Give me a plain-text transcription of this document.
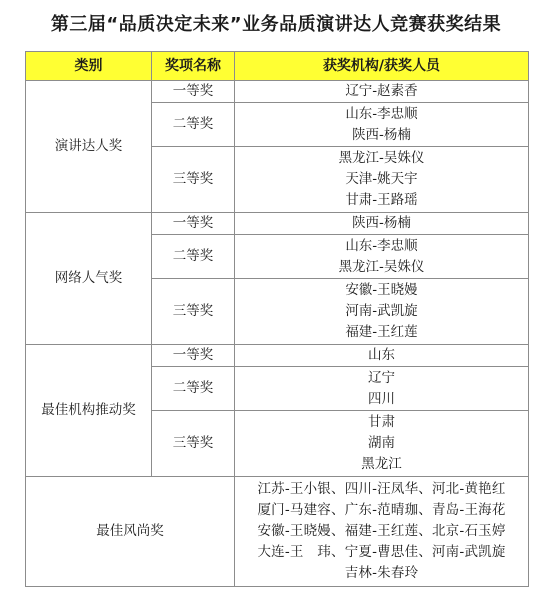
第三届“品质决定未来”业务品质演讲达人竞赛获奖结果
类别	奖项名称	获奖机构/获奖人员
演讲达人奖	一等奖	辽宁-赵素香

	二等奖	山东-李忠顺
陕西-杨楠

	三等奖	黑龙江-吴姝仪
天津-姚天宇
甘肃-王路瑶

网络人气奖	一等奖	陕西-杨楠

	二等奖	山东-李忠顺
黑龙江-吴姝仪

	三等奖	安徽-王晓嫚
河南-武凯旋
福建-王红莲

最佳机构推动奖	一等奖	山东

	二等奖	辽宁
四川

	三等奖	甘肃
湖南
黑龙江

最佳风尚奖		江苏-王小银、四川-汪凤华、河北-黄艳红
厦门-马建容、广东-范晴珈、青岛-王海花
安徽-王晓嫚、福建-王红莲、北京-石玉婷
大连-王　玮、宁夏-曹思佳、河南-武凯旋
吉林-朱春玲
